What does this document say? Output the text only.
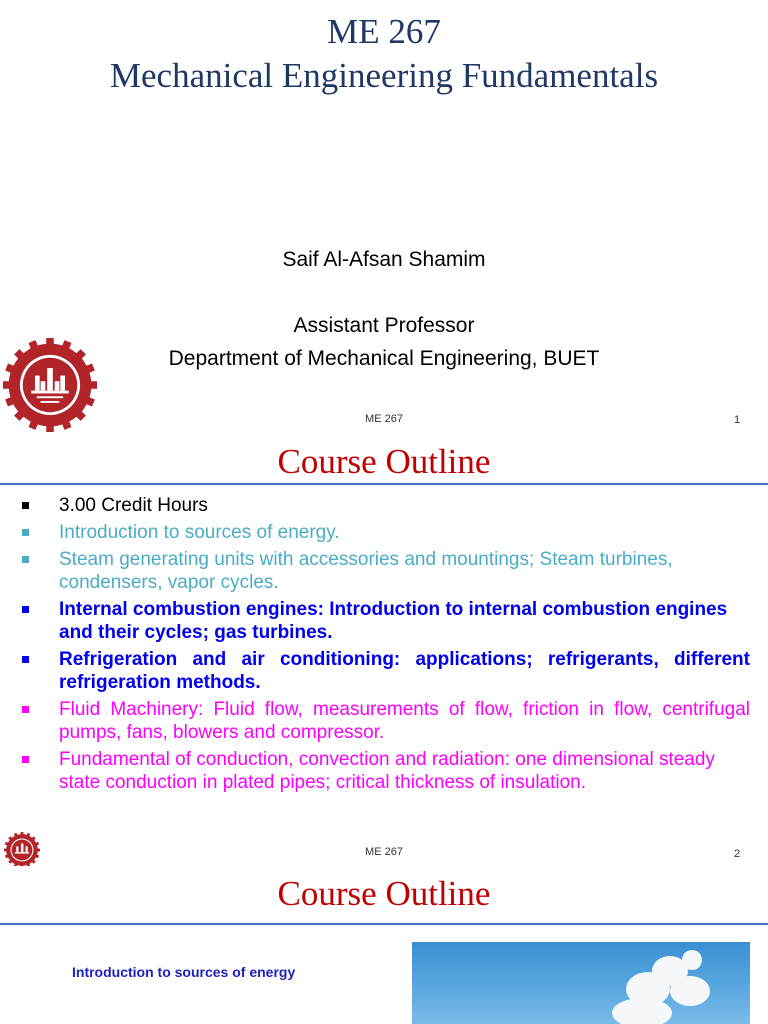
ME 267
Mechanical Engineering Fundamentals
Saif Al-Afsan Shamim
Assistant Professor
Department of Mechanical Engineering, BUET
ME 267	1
Course Outline
3.00 Credit Hours
Introduction to sources of energy.
Steam generating units with accessories and mountings; Steam turbines, condensers, vapor cycles.
Internal combustion engines: Introduction to internal combustion engines and their cycles; gas turbines.
Refrigeration and air conditioning: applications; refrigerants, different refrigeration methods.
Fluid Machinery: Fluid flow, measurements of flow, friction in flow, centrifugal pumps, fans, blowers and compressor.
Fundamental of conduction, convection and radiation: one dimensional steady state conduction in plated pipes; critical thickness of insulation.
ME 267	2
Course Outline
Introduction to sources of energy
